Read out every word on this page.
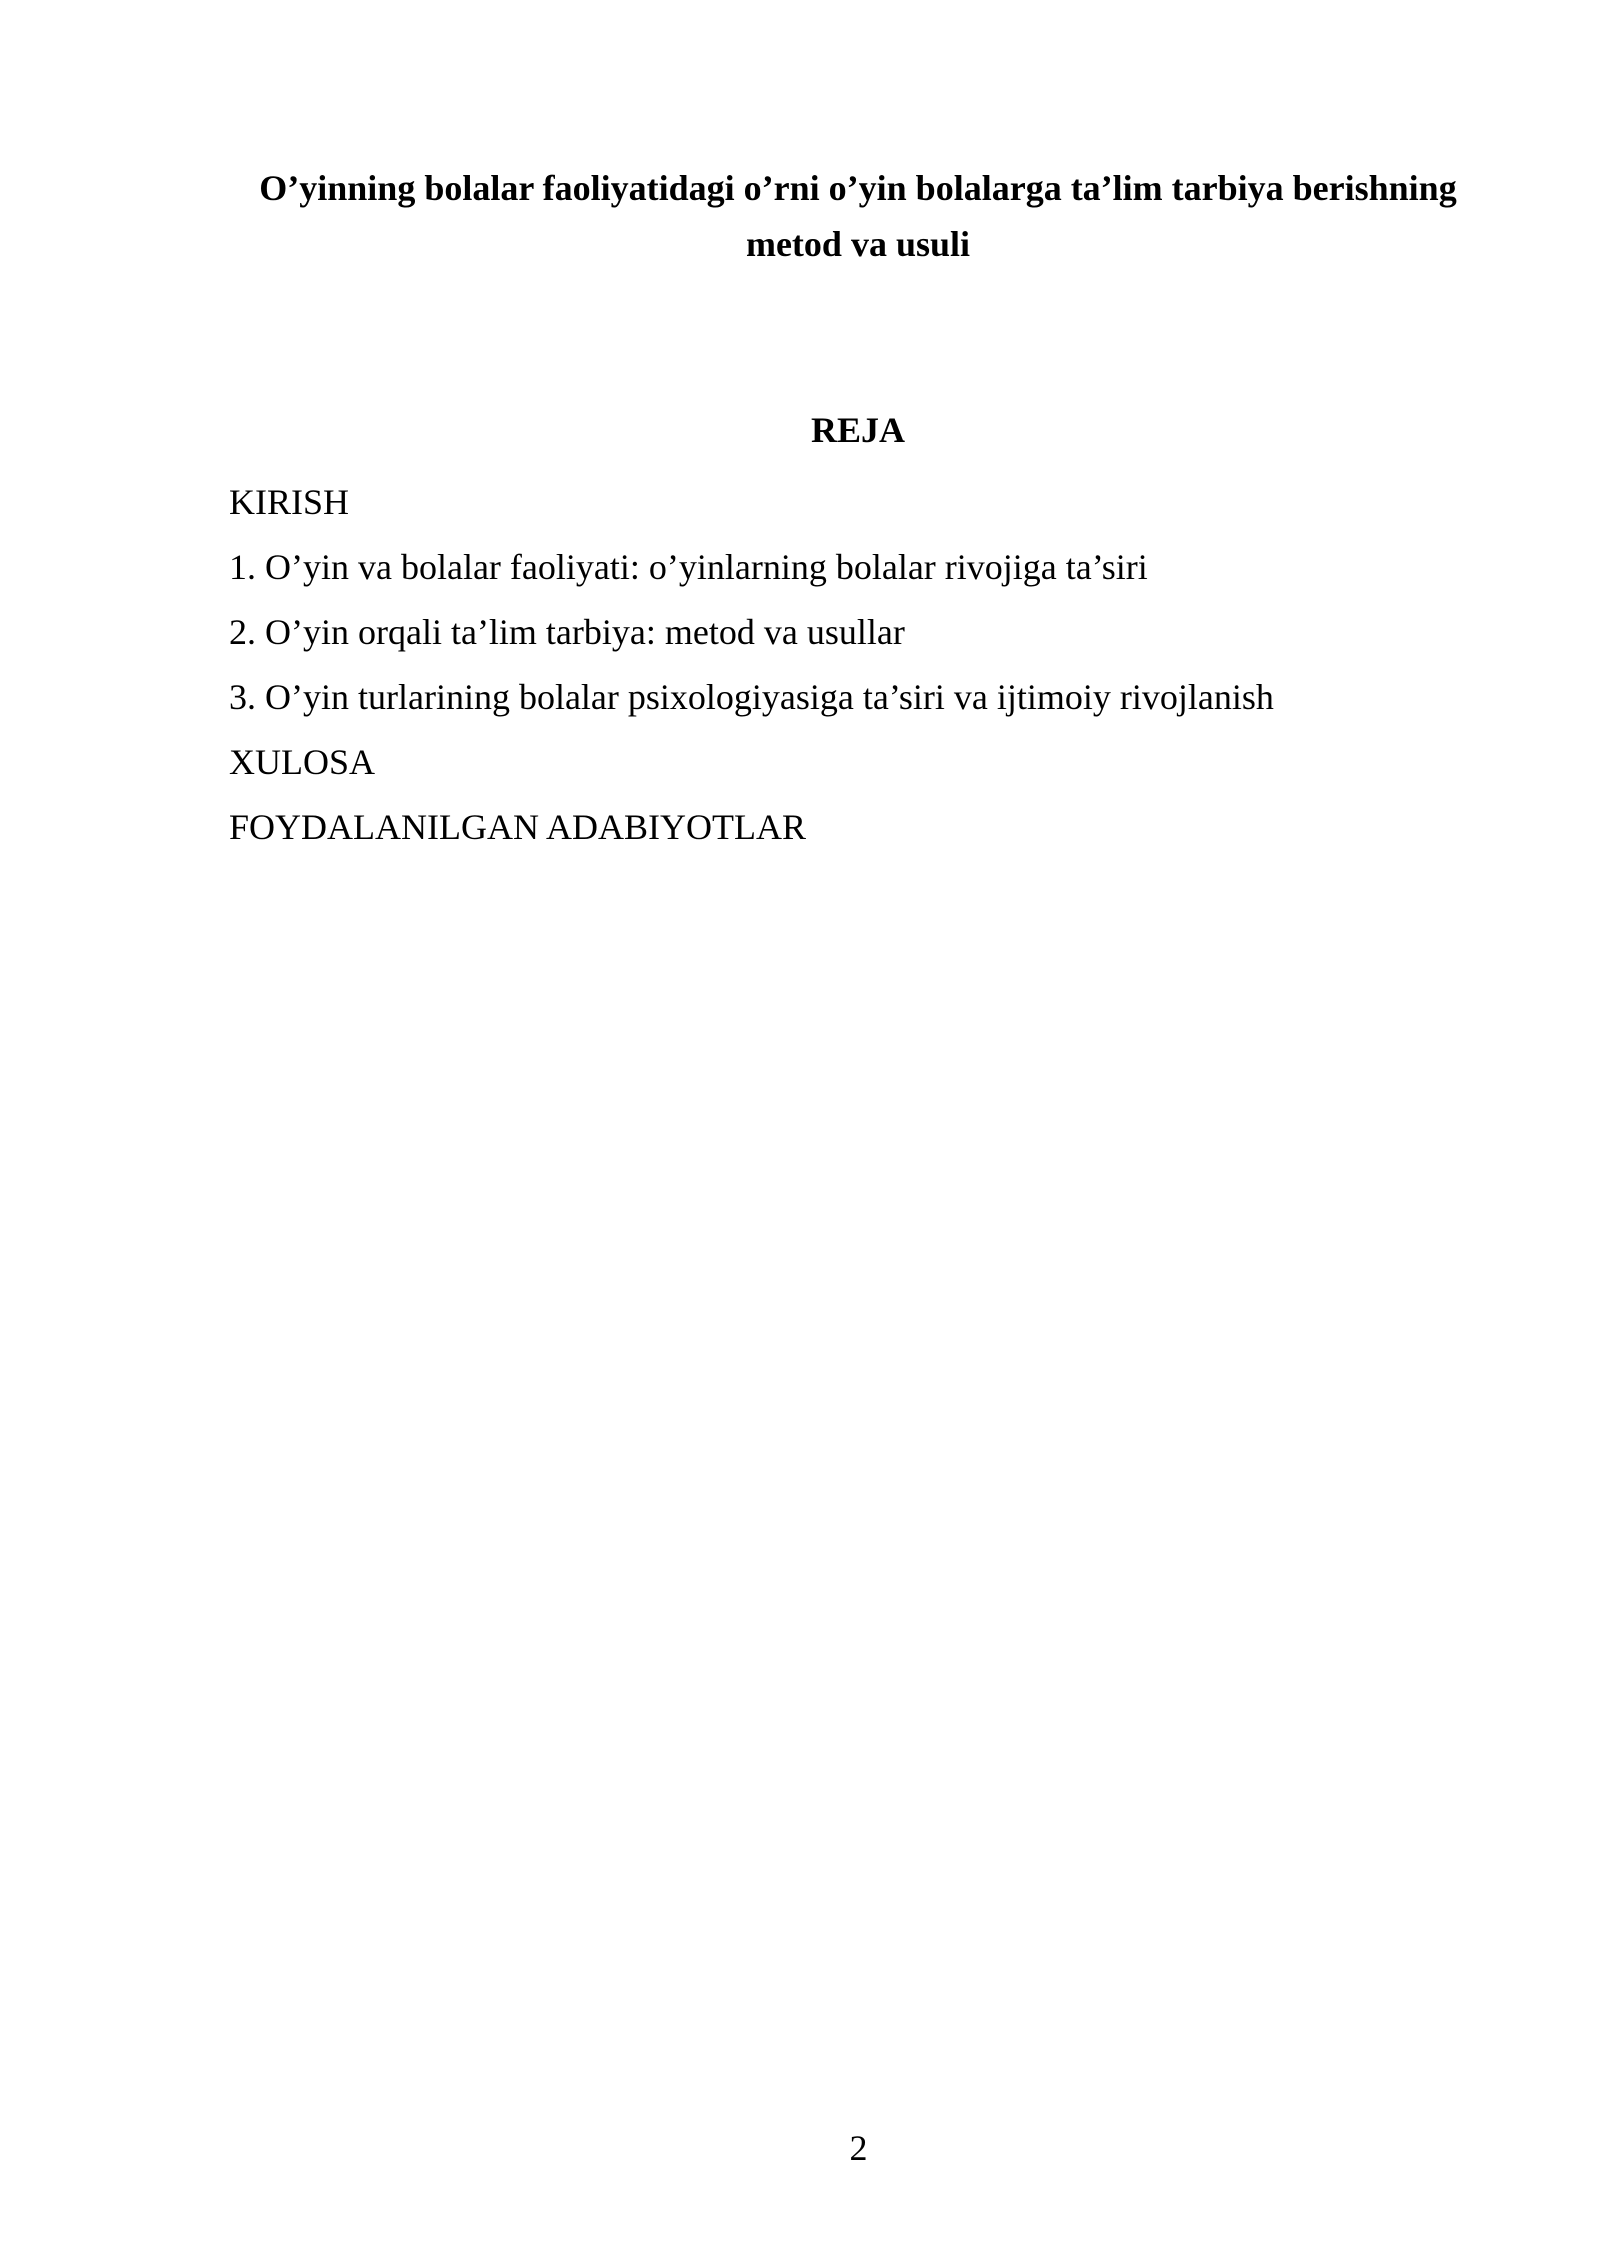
O’yinning bolalar faoliyatidagi o’rni o’yin bolalarga ta’lim tarbiya berishning
metod va usuli
REJA
KIRISH
1. O’yin va bolalar faoliyati: o’yinlarning bolalar rivojiga ta’siri
2. O’yin orqali ta’lim tarbiya: metod va usullar
3. O’yin turlarining bolalar psixologiyasiga ta’siri va ijtimoiy rivojlanish
XULOSA
FOYDALANILGAN ADABIYOTLAR
2
